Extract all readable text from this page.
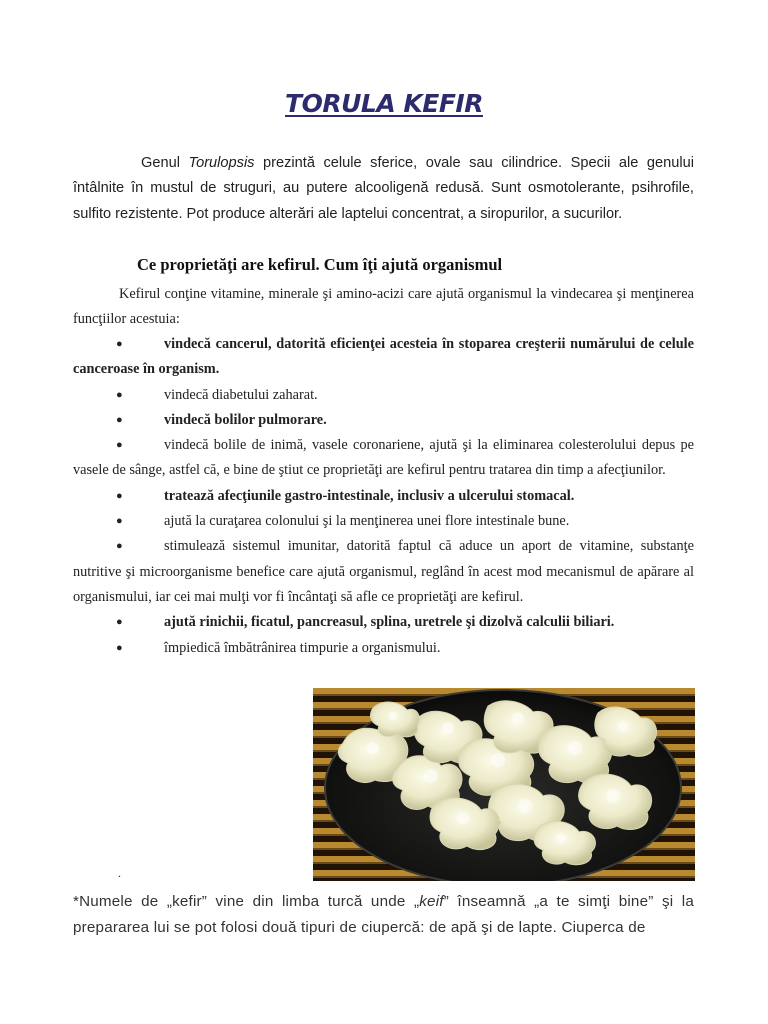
TORULA KEFIR

Genul Torulopsis prezintă celule sferice, ovale sau cilindrice. Specii ale genului întâlnite în mustul de struguri, au putere alcooligenă redusă. Sunt osmotolerante, psihrofile, sulfito rezistente. Pot produce alterări ale laptelui concentrat, a siropurilor, a sucurilor.

Ce proprietăţi are kefirul. Cum îţi ajută organismul

Kefirul conţine vitamine, minerale şi amino-acizi care ajută organismul la vindecarea şi menţinerea funcţiilor acestuia:

●	vindecă cancerul, datorită eficienţei acesteia în stoparea creşterii numărului de celule canceroase în organism.
●	vindecă diabetului zaharat.
●	vindecă bolilor pulmorare.
●	vindecă bolile de inimă, vasele coronariene, ajută şi la eliminarea colesterolului depus pe vasele de sânge, astfel că, e bine de ştiut ce proprietăţi are kefirul pentru tratarea din timp a afecţiunilor.
●	tratează afecţiunile gastro-intestinale, inclusiv a ulcerului stomacal.
●	ajută la curaţarea colonului şi la menţinerea unei flore intestinale bune.
●	stimulează sistemul imunitar, datorită faptul că aduce un aport de vitamine, substanţe nutritive şi microorganisme benefice care ajută organismul, reglând în acest mod mecanismul de apărare al organismului, iar cei mai mulţi vor fi încântaţi să afle ce proprietăţi are kefirul.
●	ajută rinichii, ficatul, pancreasul, splina, uretrele şi dizolvă calculii biliari.
●	împiedică îmbătrânirea timpurie a organismului.
.

*Numele de „kefir” vine din limba turcă unde „keif” înseamnă „a te simţi bine” şi la prepararea lui se pot folosi două tipuri de ciupercă: de apă şi de lapte. Ciuperca de
